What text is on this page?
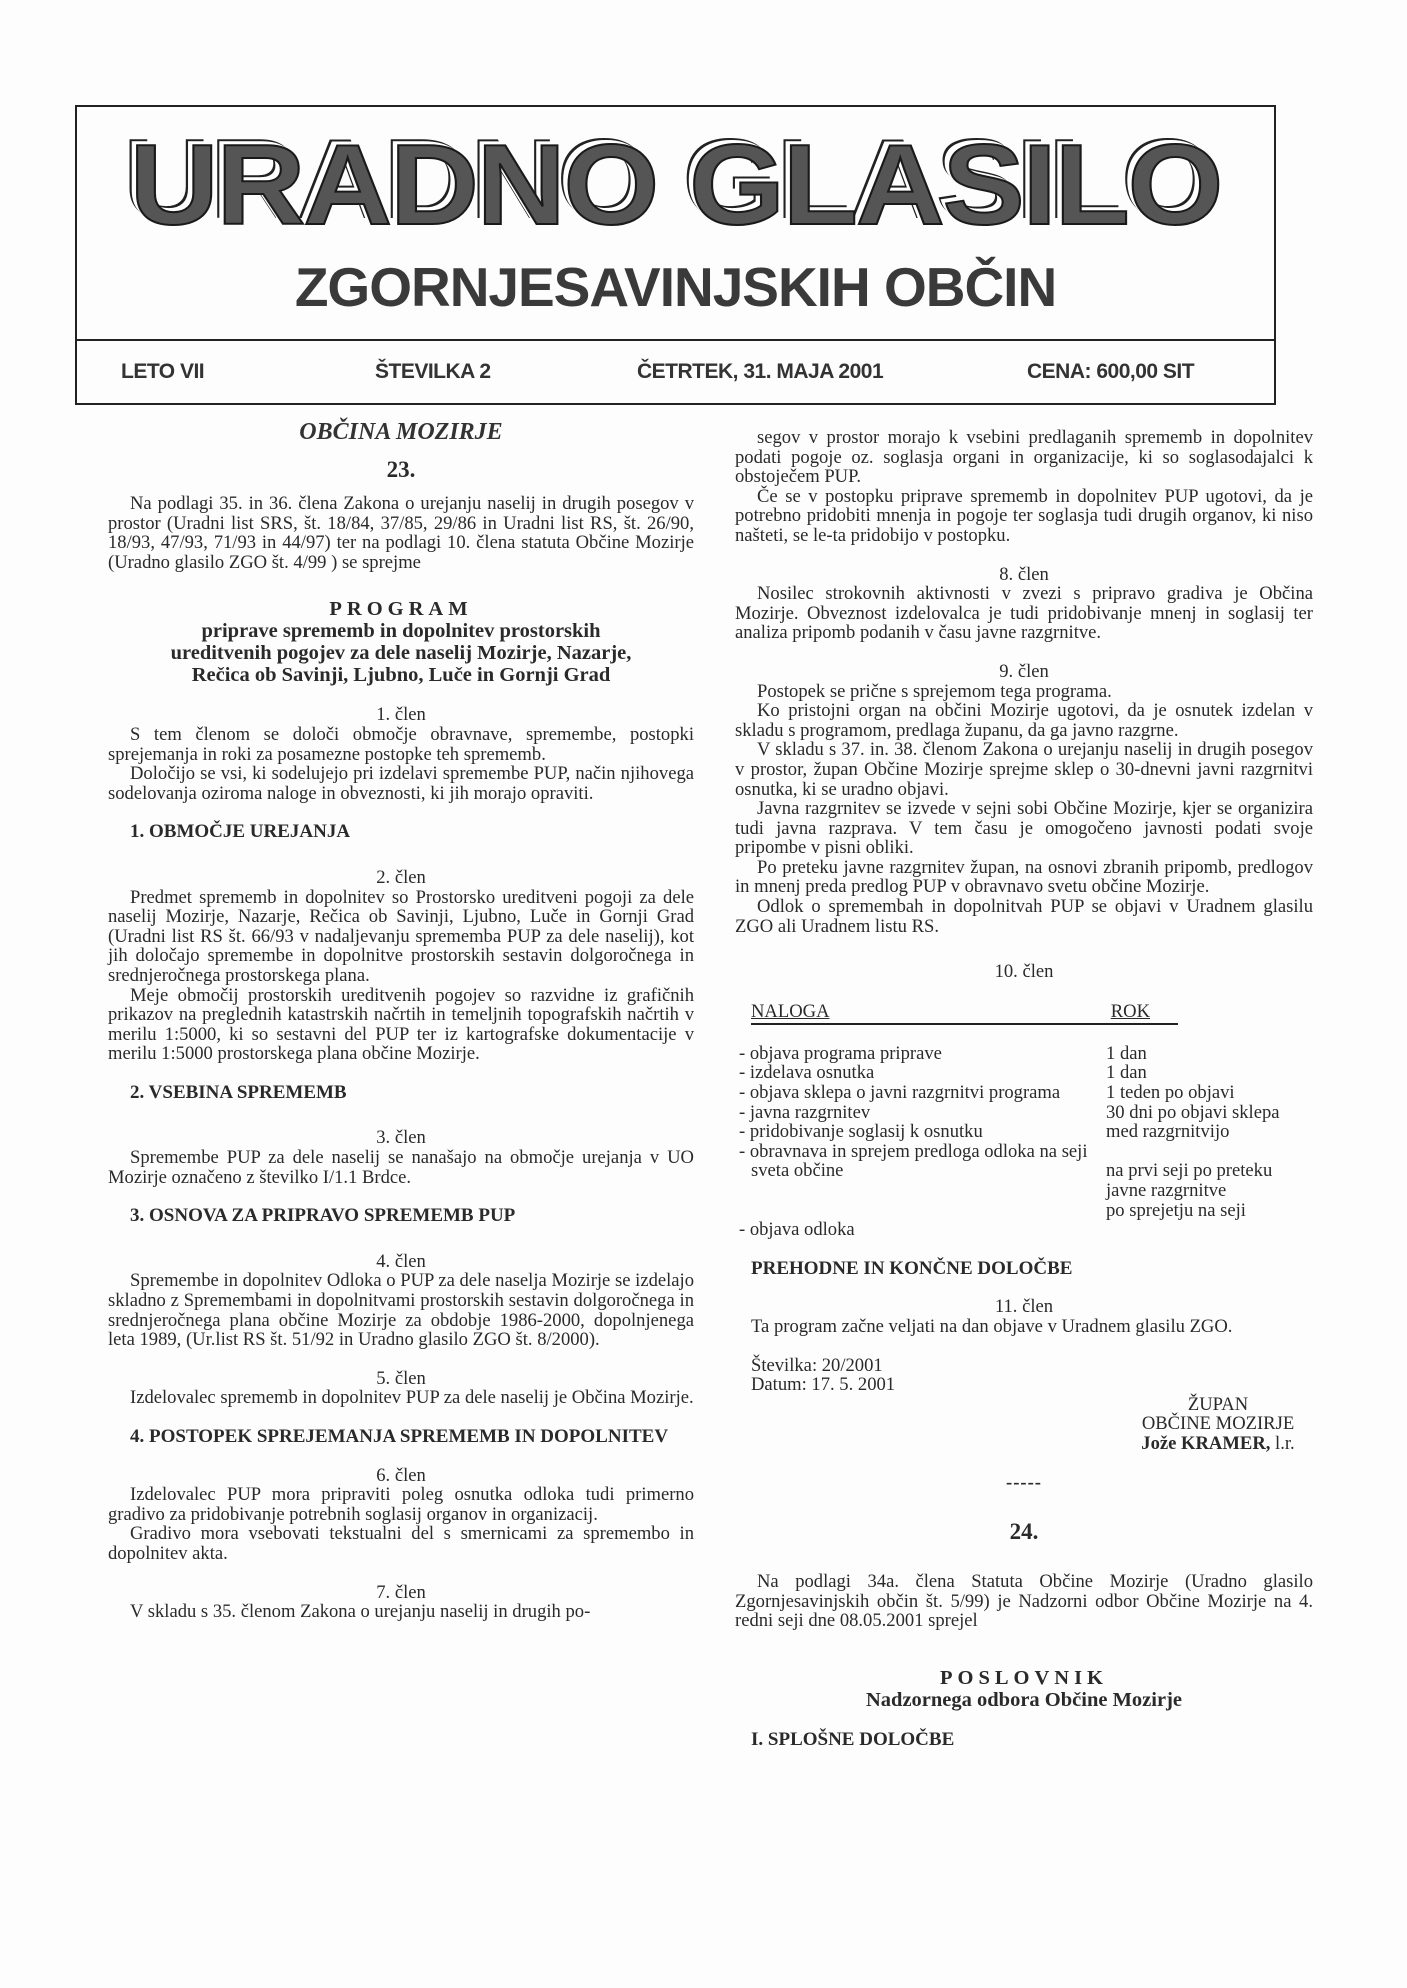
URADNO GLASILO
ZGORNJESAVINJSKIH OBČIN
LETO VII	ŠTEVILKA 2	ČETRTEK, 31. MAJA 2001	CENA: 600,00 SIT
OBČINA MOZIRJE
23.

Na podlagi 35. in 36. člena Zakona o urejanju naselij in drugih posegov v prostor (Uradni list SRS, št. 18/84, 37/85, 29/86 in Uradni list RS, št. 26/90, 18/93, 47/93, 71/93 in 44/97) ter na podlagi 10. člena statuta Občine Mozirje (Uradno glasilo ZGO št. 4/99 ) se sprejme

PROGRAM
priprave sprememb in dopolnitev prostorskih
ureditvenih pogojev za dele naselij Mozirje, Nazarje,
Rečica ob Savinji, Ljubno, Luče in Gornji Grad

1. člen

S tem členom se določi območje obravnave, spremembe, postopki sprejemanja in roki za posamezne postopke teh sprememb.

Določijo se vsi, ki sodelujejo pri izdelavi spremembe PUP, način njihovega sodelovanja oziroma naloge in obveznosti, ki jih morajo opraviti.

1. OBMOČJE UREJANJA

2. člen

Predmet sprememb in dopolnitev so Prostorsko ureditveni pogoji za dele naselij Mozirje, Nazarje, Rečica ob Savinji, Ljubno, Luče in Gornji Grad (Uradni list RS št. 66/93 v nadaljevanju sprememba PUP za dele naselij), kot jih določajo spremembe in dopolnitve prostorskih sestavin dolgoročnega in srednjeročnega prostorskega plana.

Meje območij prostorskih ureditvenih pogojev so razvidne iz grafičnih prikazov na preglednih katastrskih načrtih in temeljnih topografskih načrtih v merilu 1:5000, ki so sestavni del PUP ter iz kartografske dokumentacije v merilu 1:5000 prostorskega plana občine Mozirje.

2. VSEBINA SPREMEMB

3. člen

Spremembe PUP za dele naselij se nanašajo na območje urejanja v UO Mozirje označeno z številko I/1.1 Brdce.

3. OSNOVA ZA PRIPRAVO SPREMEMB PUP

4. člen

Spremembe in dopolnitev Odloka o PUP za dele naselja Mozirje se izdelajo skladno z Spremembami in dopolnitvami prostorskih sestavin dolgoročnega in srednjeročnega plana občine Mozirje za obdobje 1986-2000, dopolnjenega leta 1989, (Ur.list RS št. 51/92 in Uradno glasilo ZGO št. 8/2000).

5. člen

Izdelovalec sprememb in dopolnitev PUP za dele naselij je Občina Mozirje.

4. POSTOPEK SPREJEMANJA SPREMEMB IN DOPOLNITEV

6. člen

Izdelovalec PUP mora pripraviti poleg osnutka odloka tudi primerno gradivo za pridobivanje potrebnih soglasij organov in organizacij.

Gradivo mora vsebovati tekstualni del s smernicami za spremembo in dopolnitev akta.

7. člen

V skladu s 35. členom Zakona o urejanju naselij in drugih po-

segov v prostor morajo k vsebini predlaganih sprememb in dopolnitev podati pogoje oz. soglasja organi in organizacije, ki so soglasodajalci k obstoječem PUP.

Če se v postopku priprave sprememb in dopolnitev PUP ugotovi, da je potrebno pridobiti mnenja in pogoje ter soglasja tudi drugih organov, ki niso našteti, se le-ta pridobijo v postopku.

8. člen

Nosilec strokovnih aktivnosti v zvezi s pripravo gradiva je Občina Mozirje. Obveznost izdelovalca je tudi pridobivanje mnenj in soglasij ter analiza pripomb podanih v času javne razgrnitve.

9. člen

Postopek se prične s sprejemom tega programa.

Ko pristojni organ na občini Mozirje ugotovi, da je osnutek izdelan v skladu s programom, predlaga županu, da ga javno razgrne.

V skladu s 37. in. 38. členom Zakona o urejanju naselij in drugih posegov v prostor, župan Občine Mozirje sprejme sklep o 30-dnevni javni razgrnitvi osnutka, ki se uradno objavi.

Javna razgrnitev se izvede v sejni sobi Občine Mozirje, kjer se organizira tudi javna razprava. V tem času je omogočeno javnosti podati svoje pripombe v pisni obliki.

Po preteku javne razgrnitev župan, na osnovi zbranih pripomb, predlogov in mnenj preda predlog PUP v obravnavo svetu občine Mozirje.

Odlok o spremembah in dopolnitvah PUP se objavi v Uradnem glasilu ZGO ali Uradnem listu RS.

10. člen

NALOGA	ROK
- objava programa priprave	1 dan
- izdelava osnutka	1 dan
- objava sklepa o javni razgrnitvi programa	1 teden po objavi
- javna razgrnitev	30 dni po objavi sklepa
- pridobivanje soglasij k osnutku	med razgrnitvijo
- obravnava in sprejem predloga odloka na seji sveta občine	na prvi seji po preteku javne razgrnitve
- objava odloka	po sprejetju na seji

PREHODNE IN KONČNE DOLOČBE

11. člen

Ta program začne veljati na dan objave v Uradnem glasilu ZGO.

Številka: 20/2001

Datum: 17. 5. 2001

ŽUPAN
OBČINE MOZIRJE
Jože KRAMER, l.r.
-----
24.

Na podlagi 34a. člena Statuta Občine Mozirje (Uradno glasilo Zgornjesavinjskih občin št. 5/99) je Nadzorni odbor Občine Mozirje na 4. redni seji dne 08.05.2001 sprejel

POSLOVNIK
Nadzornega odbora Občine Mozirje

I. SPLOŠNE DOLOČBE
